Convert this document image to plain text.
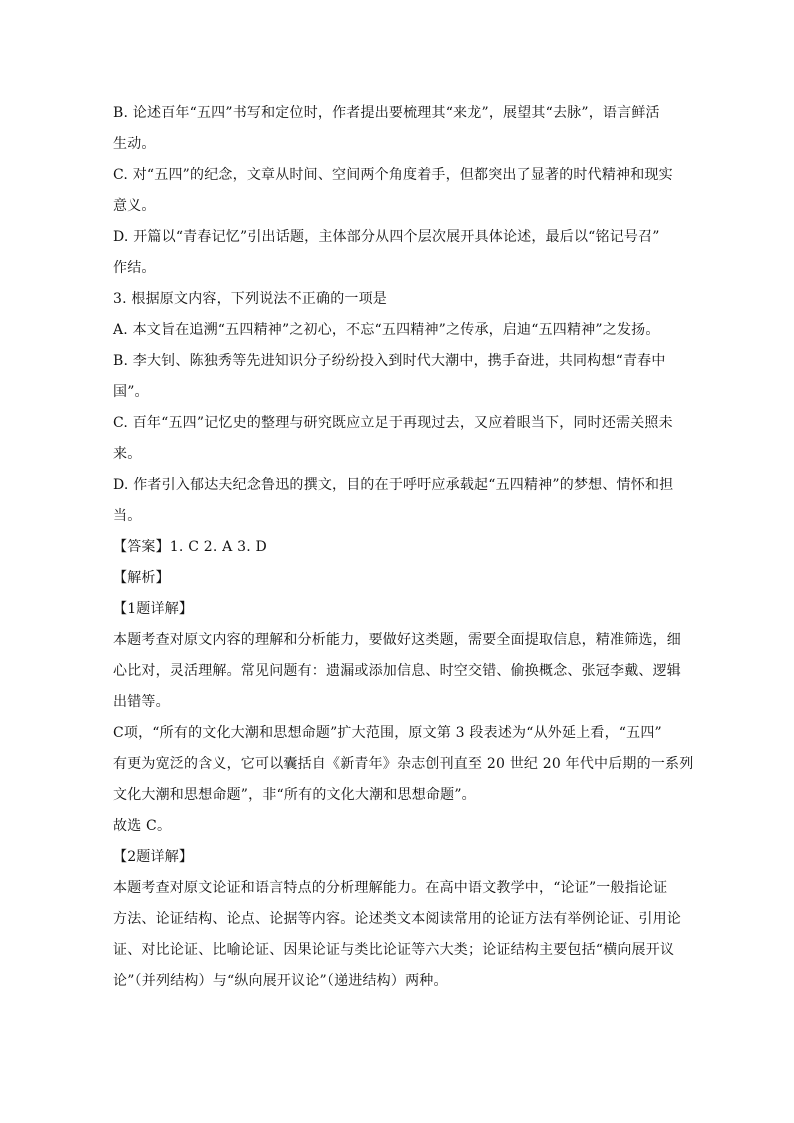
B. 论述百年“五四”书写和定位时，作者提出要梳理其“来龙”，展望其“去脉”，语言鲜活
生动。
C. 对“五四”的纪念，文章从时间、空间两个角度着手，但都突出了显著的时代精神和现实
意义。
D. 开篇以“青春记忆”引出话题，主体部分从四个层次展开具体论述，最后以“铭记号召”
作结。
3. 根据原文内容，下列说法不正确的一项是
A. 本文旨在追溯“五四精神”之初心，不忘“五四精神”之传承，启迪“五四精神”之发扬。
B. 李大钊、陈独秀等先进知识分子纷纷投入到时代大潮中，携手奋进，共同构想“青春中
国”。
C. 百年“五四”记忆史的整理与研究既应立足于再现过去，又应着眼当下，同时还需关照未
来。
D. 作者引入郁达夫纪念鲁迅的撰文，目的在于呼吁应承载起“五四精神”的梦想、情怀和担
当。
【答案】1. C 2. A 3. D
【解析】
【1题详解】
本题考查对原文内容的理解和分析能力，要做好这类题，需要全面提取信息，精准筛选，细
心比对，灵活理解。常见问题有：遗漏或添加信息、时空交错、偷换概念、张冠李戴、逻辑
出错等。
C项，“所有的文化大潮和思想命题”扩大范围，原文第 3 段表述为“从外延上看，“五四”
有更为宽泛的含义，它可以囊括自《新青年》杂志创刊直至 20 世纪 20 年代中后期的一系列
文化大潮和思想命题”，非“所有的文化大潮和思想命题”。
故选 C。
【2题详解】
本题考查对原文论证和语言特点的分析理解能力。在高中语文教学中，“论证”一般指论证
方法、论证结构、论点、论据等内容。论述类文本阅读常用的论证方法有举例论证、引用论
证、对比论证、比喻论证、因果论证与类比论证等六大类；论证结构主要包括“横向展开议
论”（并列结构）与“纵向展开议论”（递进结构）两种。
